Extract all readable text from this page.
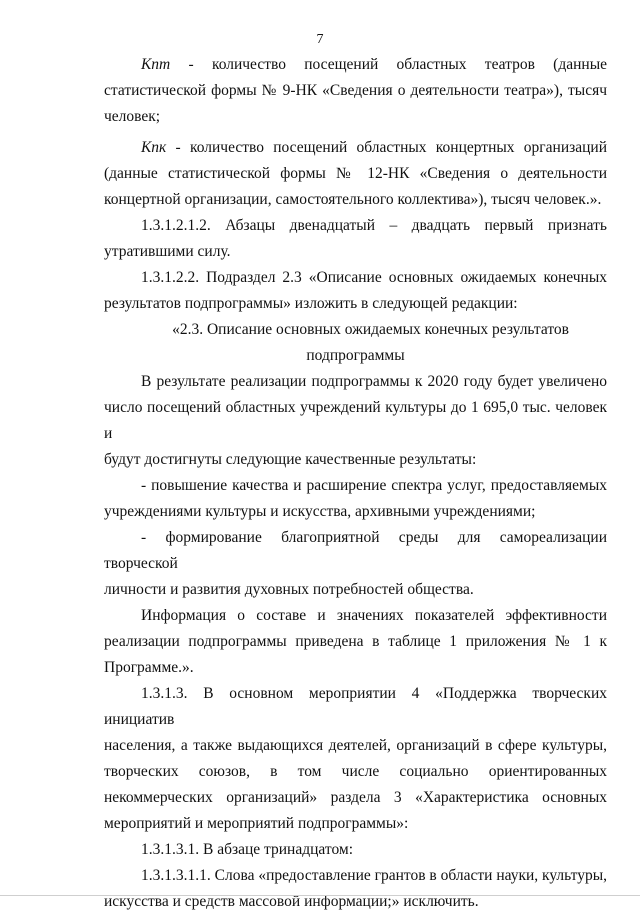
7

Кпт - количество посещений областных театров (данные

статистической формы № 9-НК «Сведения о деятельности театра»), тысяч

человек;

Кпк - количество посещений областных концертных организаций

(данные статистической формы № 12-НК «Сведения о деятельности

концертной организации, самостоятельного коллектива»), тысяч человек.».

1.3.1.2.1.2. Абзацы двенадцатый – двадцать первый признать

утратившими силу.

1.3.1.2.2. Подраздел 2.3 «Описание основных ожидаемых конечных

результатов подпрограммы» изложить в следующей редакции:

«2.3. Описание основных ожидаемых конечных результатов

подпрограммы

В результате реализации подпрограммы к 2020 году будет увеличено

число посещений областных учреждений культуры до 1 695,0 тыс. человек и

будут достигнуты следующие качественные результаты:

- повышение качества и расширение спектра услуг, предоставляемых

учреждениями культуры и искусства, архивными учреждениями;

- формирование благоприятной среды для самореализации творческой

личности и развития духовных потребностей общества.

Информация о составе и значениях показателей эффективности

реализации подпрограммы приведена в таблице 1 приложения № 1 к

Программе.».

1.3.1.3. В основном мероприятии 4 «Поддержка творческих инициатив

населения, а также выдающихся деятелей, организаций в сфере культуры,

творческих союзов, в том числе социально ориентированных

некоммерческих организаций» раздела 3 «Характеристика основных

мероприятий и мероприятий подпрограммы»:

1.3.1.3.1. В абзаце тринадцатом:

1.3.1.3.1.1. Слова «предоставление грантов в области науки, культуры,

искусства и средств массовой информации;» исключить.
